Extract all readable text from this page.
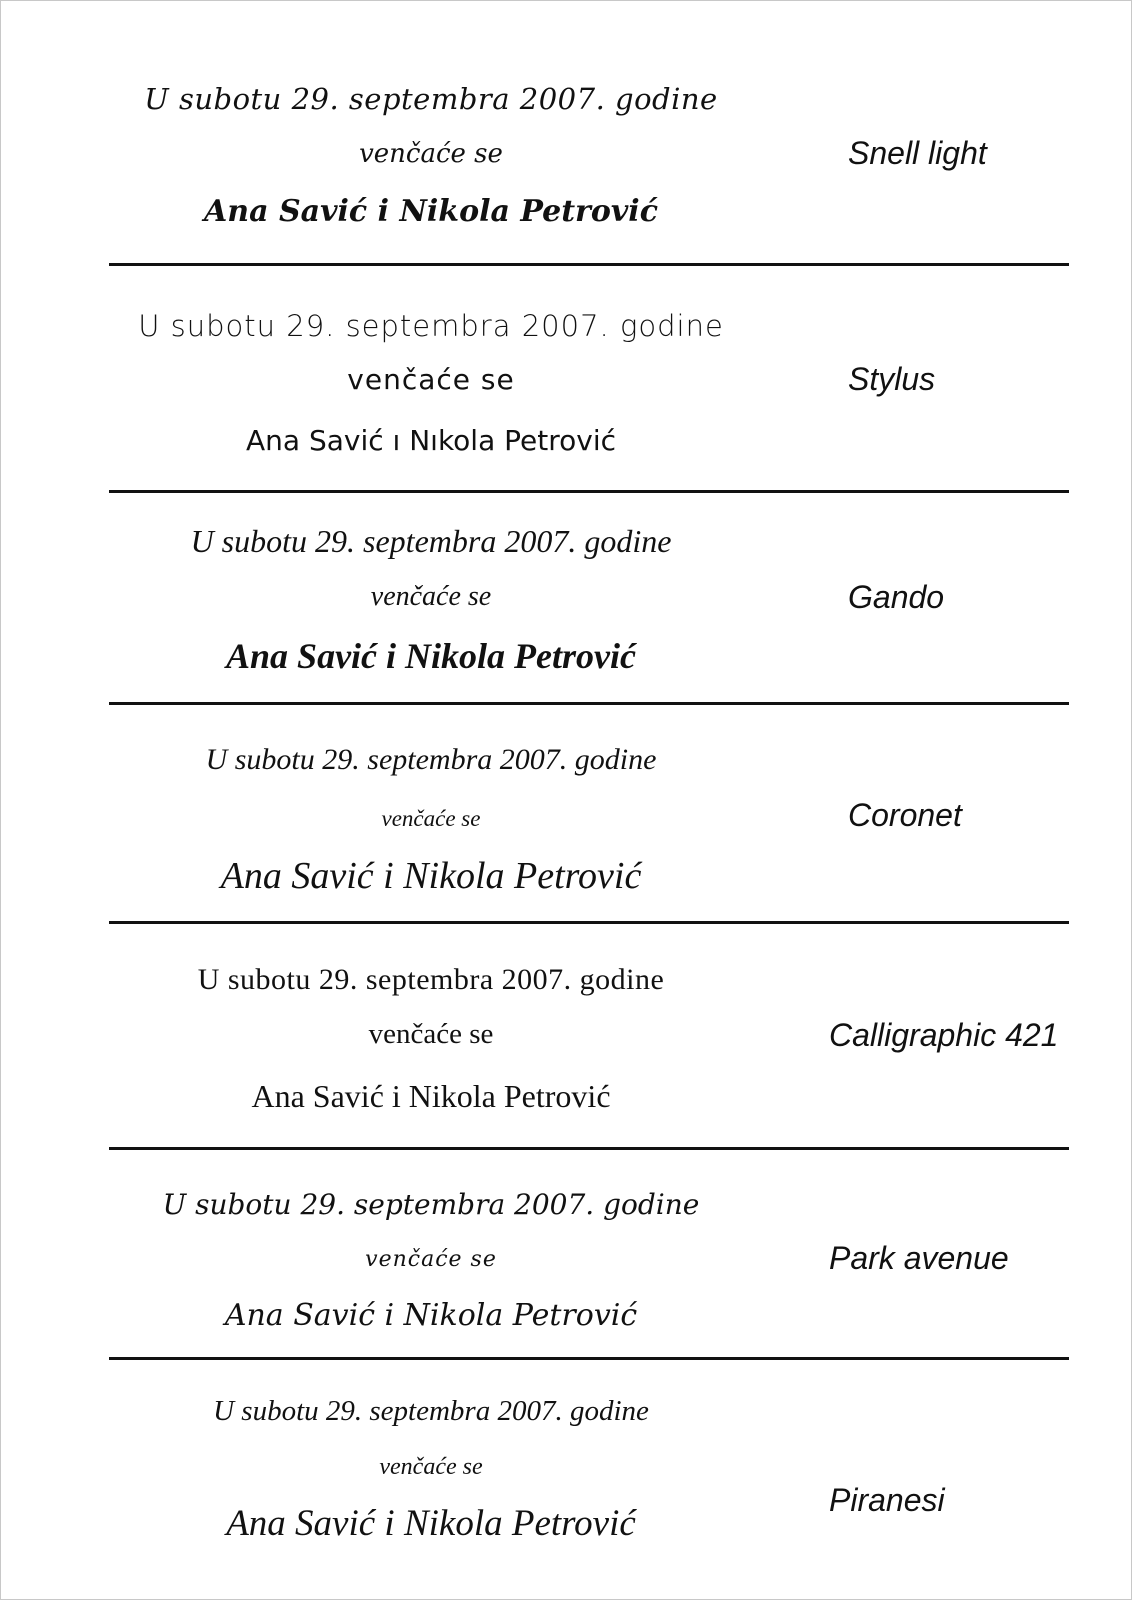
U subotu 29. septembra 2007. godine
venčaće se
Ana Savić i Nikola Petrović
Snell light
U subotu 29. septembra 2007. godine
venčaće se
Ana Savić ı Nıkola Petrović
Stylus
U subotu 29. septembra 2007. godine
venčaće se
Ana Savić i Nikola Petrović
Gando
U subotu 29. septembra 2007. godine
venčaće se
Ana Savić i Nikola Petrović
Coronet
U subotu 29. septembra 2007. godine
venčaće se
Ana Savić i Nikola Petrović
Calligraphic 421
U subotu 29. septembra 2007. godine
venčaće se
Ana Savić i Nikola Petrović
Park avenue
U subotu 29. septembra 2007. godine
venčaće se
Ana Savić i Nikola Petrović
Piranesi
